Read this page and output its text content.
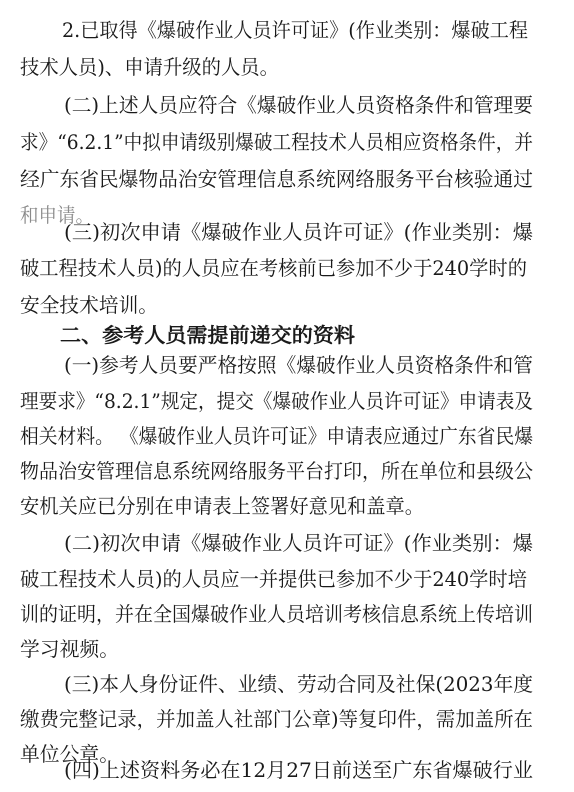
2.已取得《爆破作业人员许可证》(作业类别：爆破工程
技术人员)、申请升级的人员。
(二)上述人员应符合《爆破作业人员资格条件和管理要
求》“6.2.1”中拟申请级别爆破工程技术人员相应资格条件，并
经广东省民爆物品治安管理信息系统网络服务平台核验通过
和申请。
(三)初次申请《爆破作业人员许可证》(作业类别：爆
破工程技术人员)的人员应在考核前已参加不少于240学时的
安全技术培训。
二、参考人员需提前递交的资料
(一)参考人员要严格按照《爆破作业人员资格条件和管
理要求》“8.2.1”规定，提交《爆破作业人员许可证》申请表及
相关材料。 《爆破作业人员许可证》申请表应通过广东省民爆
物品治安管理信息系统网络服务平台打印，所在单位和县级公
安机关应已分别在申请表上签署好意见和盖章。
(二)初次申请《爆破作业人员许可证》(作业类别：爆
破工程技术人员)的人员应一并提供已参加不少于240学时培
训的证明，并在全国爆破作业人员培训考核信息系统上传培训
学习视频。
(三)本人身份证件、业绩、劳动合同及社保(2023年度
缴费完整记录，并加盖人社部门公章)等复印件，需加盖所在
单位公章。
(四)上述资料务必在12月27日前送至广东省爆破行业
